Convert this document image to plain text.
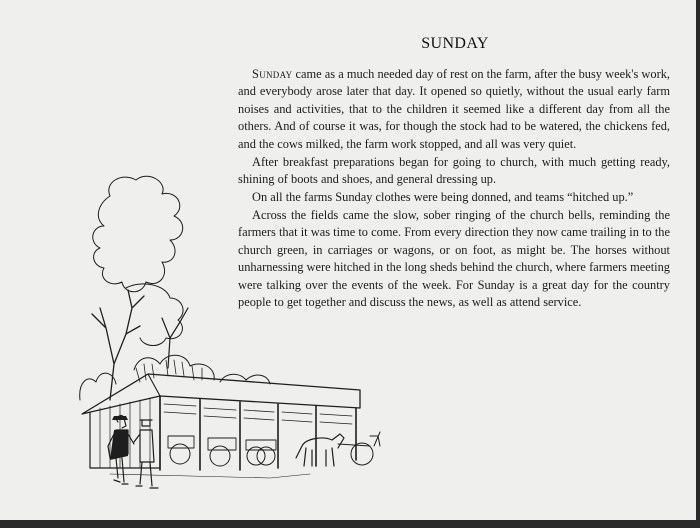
SUNDAY

Sunday came as a much needed day of rest on the farm, after the busy week's work, and everybody arose later that day. It opened so quietly, without the usual early farm noises and activities, that to the children it seemed like a different day from all the others. And of course it was, for though the stock had to be watered, the chickens fed, and the cows milked, the farm work stopped, and all was very quiet.

After breakfast preparations began for going to church, with much getting ready, shining of boots and shoes, and general dressing up.

On all the farms Sunday clothes were being donned, and teams “hitched up.”

Across the fields came the slow, sober ringing of the church bells, reminding the farmers that it was time to come. From every direction they now came trailing in to the church green, in carriages or wagons, or on foot, as might be. The horses without unharnessing were hitched in the long sheds behind the church, where farmers meeting were talking over the events of the week. For Sunday is a great day for the country people to get together and discuss the news, as well as attend service.
